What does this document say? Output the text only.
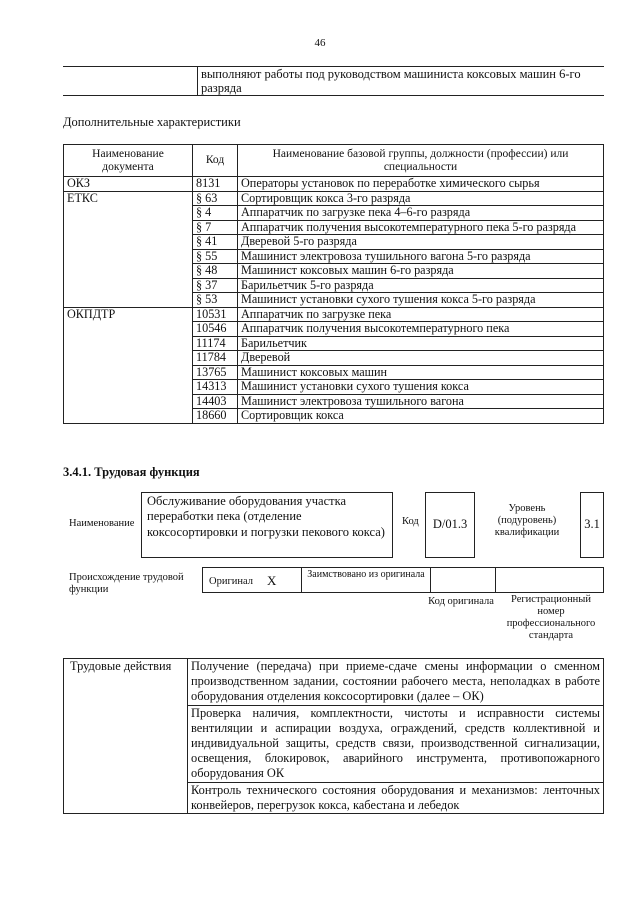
46
	выполняют работы под руководством машиниста коксовых машин 6-го разряда
Дополнительные характеристики
Наименование документа	Код	Наименование базовой группы, должности (профессии) или специальности
ОКЗ	8131	Операторы установок по переработке химического сырья
ЕТКС	§ 63	Сортировщик кокса 3-го разряда
	§ 4	Аппаратчик по загрузке пека 4–6-го разряда
	§ 7	Аппаратчик получения высокотемпературного пека 5-го разряда
	§ 41	Дверевой 5-го разряда
	§ 55	Машинист электровоза тушильного вагона 5-го разряда
	§ 48	Машинист коксовых машин 6-го разряда
	§ 37	Барильетчик 5-го разряда
	§ 53	Машинист установки сухого тушения кокса 5-го разряда
ОКПДТР	10531	Аппаратчик по загрузке пека
	10546	Аппаратчик получения высокотемпературного пека
	11174	Барильетчик
	11784	Дверевой
	13765	Машинист коксовых машин
	14313	Машинист установки сухого тушения кокса
	14403	Машинист электровоза тушильного вагона
	18660	Сортировщик кокса
3.4.1. Трудовая функция
Наименование
Обслуживание оборудования участка переработки пека (отделение коксосортировки и погрузки пекового кокса)
Код	D/01.3
Уровень (подуровень) квалификации
3.1
Происхождение трудовой функции
Оригинал X	Заимствовано из оригинала
Код оригинала	Регистрационный номер профессионального стандарта
Трудовые действия	Получение (передача) при приеме-сдаче смены информации о сменном производственном задании, состоянии рабочего места, неполадках в работе оборудования отделения коксосортировки (далее – ОК)
Проверка наличия, комплектности, чистоты и исправности системы вентиляции и аспирации воздуха, ограждений, средств коллективной и индивидуальной защиты, средств связи, производственной сигнализации, освещения, блокировок, аварийного инструмента, противопожарного оборудования ОК
Контроль технического состояния оборудования и механизмов: ленточных конвейеров, перегрузок кокса, кабестана и лебедок
